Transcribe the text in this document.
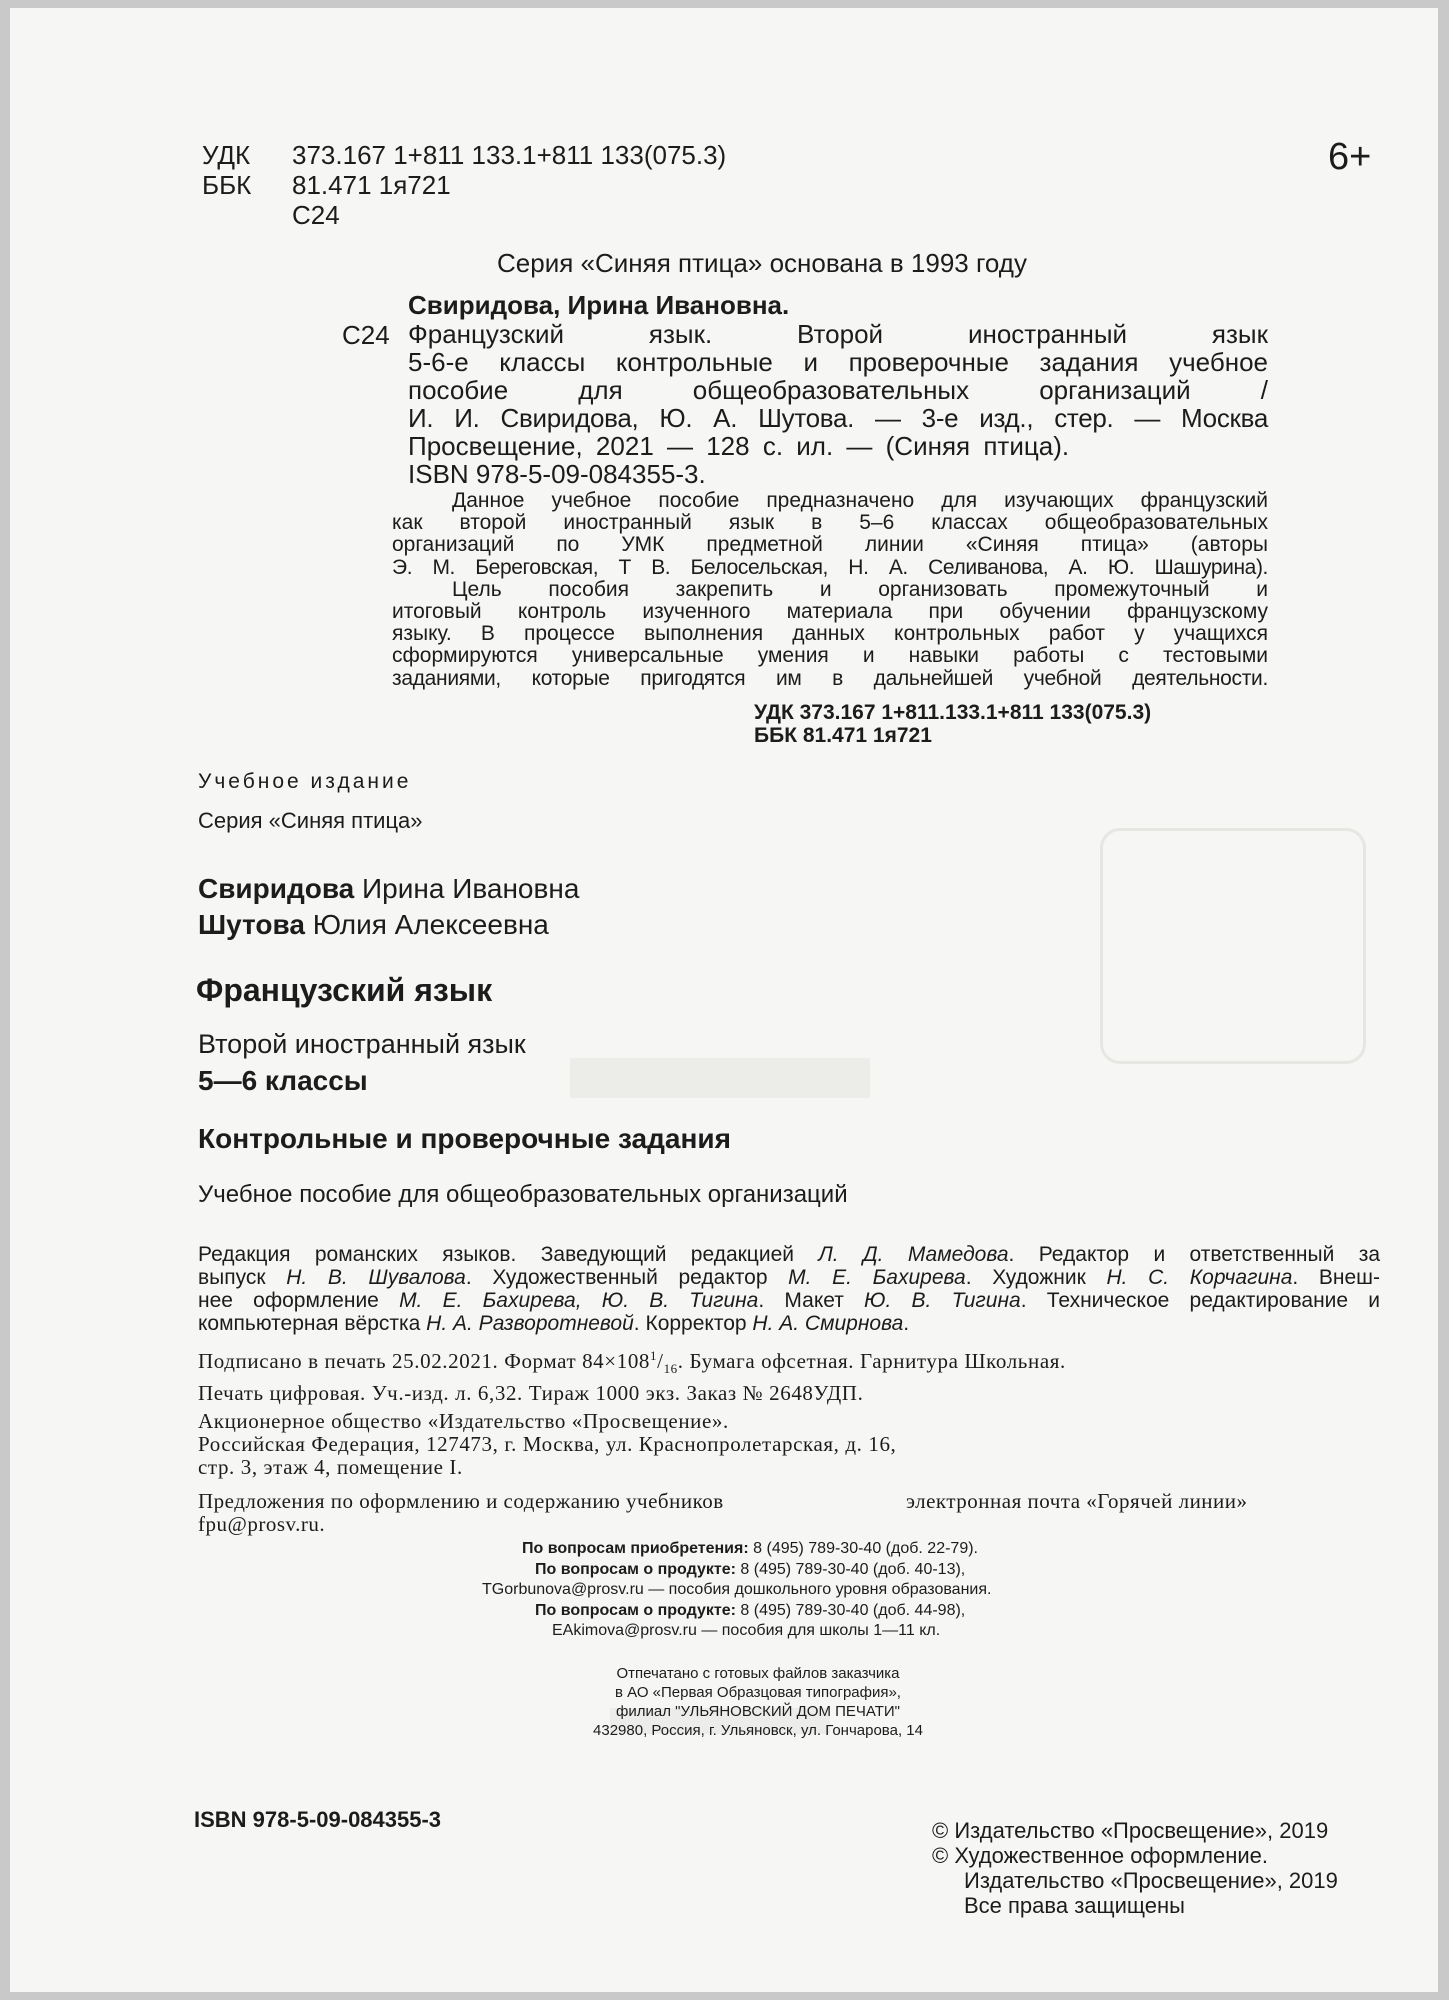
УДК 373.167 1+811 133.1+811 133(075.3)
ББК 81.471 1я721
С24
6+
Серия «Синяя птица» основана в 1993 году
Свиридова, Ирина Ивановна.
С24 Французский язык. Второй иностранный язык
5-6-е классы контрольные и проверочные задания учебное
пособие для общеобразовательных организаций /
И. И. Свиридова, Ю. А. Шутова. — 3-е изд., стер. — Москва
Просвещение, 2021 — 128 с. ил. — (Синяя птица).
ISBN 978-5-09-084355-3.
Данное учебное пособие предназначено для изучающих французский
как второй иностранный язык в 5–6 классах общеобразовательных
организаций по УМК предметной линии «Синяя птица» (авторы
Э. М. Береговская, Т В. Белосельская, Н. А. Селиванова, А. Ю. Шашурина).
Цель пособия закрепить и организовать промежуточный и
итоговый контроль изученного материала при обучении французскому
языку. В процессе выполнения данных контрольных работ у учащихся
сформируются универсальные умения и навыки работы с тестовыми
заданиями, которые пригодятся им в дальнейшей учебной деятельности.
УДК 373.167 1+811.133.1+811 133(075.3)
ББК 81.471 1я721
Учебное издание
Серия «Синяя птица»
Свиридова Ирина Ивановна
Шутова Юлия Алексеевна
Французский язык
Второй иностранный язык
5—6 классы
Контрольные и проверочные задания
Учебное пособие для общеобразовательных организаций
Редакция романских языков. Заведующий редакцией Л. Д. Мамедова. Редактор и ответственный за
выпуск Н. В. Шувалова. Художественный редактор М. Е. Бахирева. Художник Н. С. Корчагина. Внеш-
нее оформление М. Е. Бахирева, Ю. В. Тигина. Макет Ю. В. Тигина. Техническое редактирование и
компьютерная вёрстка Н. А. Разворотневой. Корректор Н. А. Смирнова.
Подписано в печать 25.02.2021. Формат $84\times 108^1/_{16}$. Бумага офсетная. Гарнитура Школьная.
Печать цифровая. Уч.-изд. л. 6,32. Тираж 1000 экз. Заказ № 2648УДП.
Акционерное общество «Издательство «Просвещение».
Российская Федерация, 127473, г. Москва, ул. Краснопролетарская, д. 16,
стр. 3, этаж 4, помещение I.
Предложения по оформлению и содержанию учебников	электронная почта «Горячей линии»
fpu@prosv.ru.
По вопросам приобретения: 8 (495) 789-30-40 (доб. 22-79).
По вопросам о продукте: 8 (495) 789-30-40 (доб. 40-13),
TGorbunova@prosv.ru — пособия дошкольного уровня образования.
По вопросам о продукте: 8 (495) 789-30-40 (доб. 44-98),
EAkimova@prosv.ru — пособия для школы 1—11 кл.
Отпечатано с готовых файлов заказчика
в АО «Первая Образцовая типография»,
филиал "УЛЬЯНОВСКИЙ ДОМ ПЕЧАТИ"
432980, Россия, г. Ульяновск, ул. Гончарова, 14
ISBN 978-5-09-084355-3	© Издательство «Просвещение», 2019
© Художественное оформление.
Издательство «Просвещение», 2019
Все права защищены
